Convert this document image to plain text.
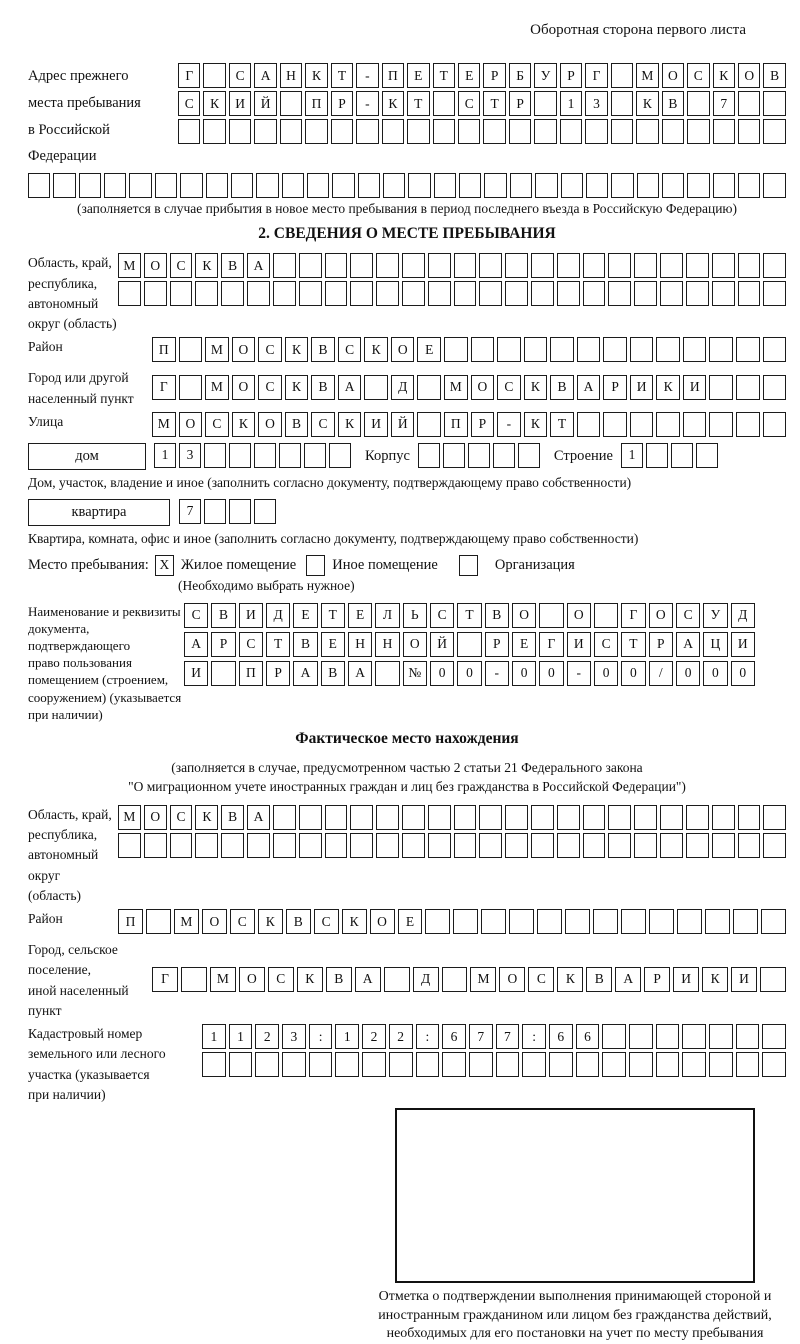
Оборотная сторона первого листа
Адрес прежнего
места пребывания
в Российской
Федерации
Г	С	А	Н	К	Т	-	П	Е	Т	Е	Р	Б	У	Р	Г	М	О	С	К	О	В
С	К	И	Й	П	Р	-	К	Т	С	Т	Р	1	3	К	В	7
(заполняется в случае прибытия в новое место пребывания в период последнего въезда в Российскую Федерацию)
2. СВЕДЕНИЯ О МЕСТЕ ПРЕБЫВАНИЯ
Область, край,
республика,
автономный
округ (область)
М	О	С	К	В	А
Район	П	М	О	С	К	В	С	К	О	Е
Город или другой
населенный пункт
Г	М	О	С	К	В	А	Д	М	О	С	К	В	А	Р	И	К	И
Улица	М	О	С	К	О	В	С	К	И	Й	П	Р	-	К	Т
дом	1	3	Корпус	Строение	1
Дом, участок, владение и иное (заполнить согласно документу, подтверждающему право собственности)
квартира	7
Квартира, комната, офис и иное (заполнить согласно документу, подтверждающему право собственности)
Место пребывания: X Жилое помещение Иное помещение	Организация
(Необходимо выбрать нужное)
Наименование и реквизиты
документа, подтверждающего
право пользования
помещением (строением,
сооружением) (указывается
при наличии)
С	В	И	Д	Е	Т	Е	Л	Ь	С	Т	В	О	О	Г	О	С	У	Д
А	Р	С	Т	В	Е	Н	Н	О	Й	Р	Е	Г	И	С	Т	Р	А	Ц	И
И	П	Р	А	В	А	№	0	0	-	0	0	-	0	0	/	0	0	0
Фактическое место нахождения
(заполняется в случае, предусмотренном частью 2 статьи 21 Федерального закона
"О миграционном учете иностранных граждан и лиц без гражданства в Российской Федерации")
Область, край,
республика,
автономный округ
(область)
М	О	С	К	В	А
Район	П	М	О	С	К	В	С	К	О	Е
Город, сельское поселение,
иной населенный пункт
Г	М	О	С	К	В	А	Д	М	О	С	К	В	А	Р	И	К	И
Кадастровый номер
земельного или лесного
участка (указывается
при наличии)
1	1	2	3	:	1	2	2	:	6	7	7	:	6	6
Отметка о подтверждении выполнения принимающей стороной и иностранным гражданином или лицом без гражданства действий, необходимых для его постановки на учет по месту пребывания
